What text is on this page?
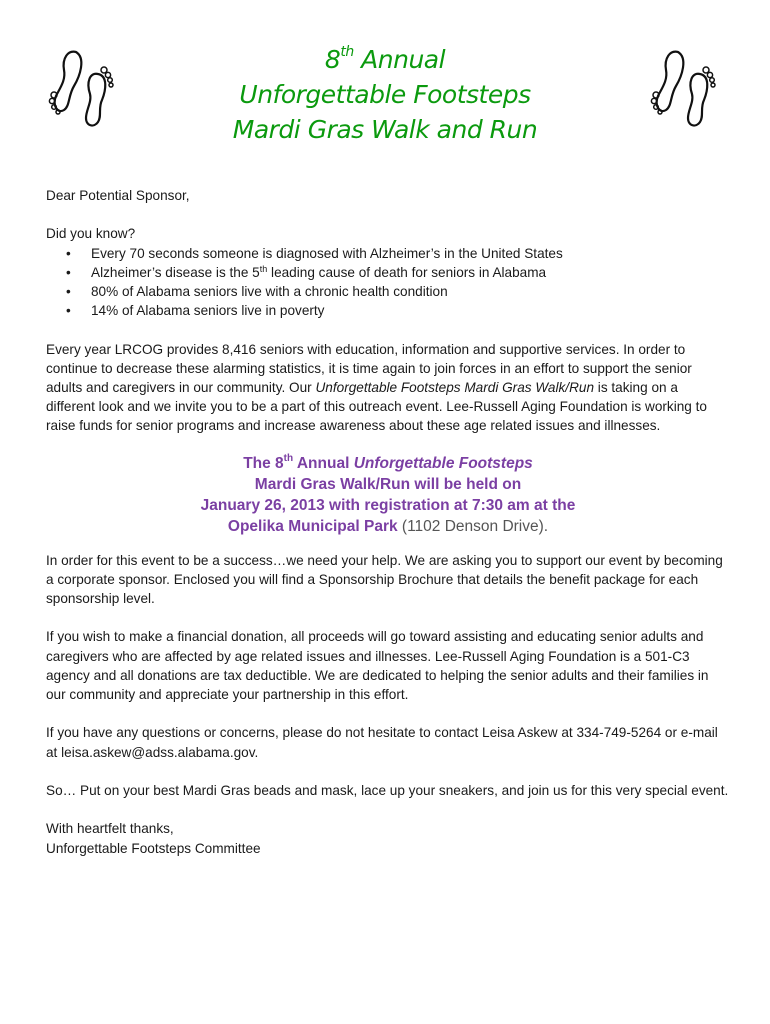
8th Annual
Unforgettable Footsteps
Mardi Gras Walk and Run

Dear Potential Sponsor,

Did you know?

• Every 70 seconds someone is diagnosed with Alzheimer’s in the United States
• Alzheimer’s disease is the 5th leading cause of death for seniors in Alabama
• 80% of Alabama seniors live with a chronic health condition
• 14% of Alabama seniors live in poverty

Every year LRCOG provides 8,416 seniors with education, information and supportive services. In order to continue to decrease these alarming statistics, it is time again to join forces in an effort to support the senior adults and caregivers in our community. Our Unforgettable Footsteps Mardi Gras Walk/Run is taking on a different look and we invite you to be a part of this outreach event. Lee-Russell Aging Foundation is working to raise funds for senior programs and increase awareness about these age related issues and illnesses.

The 8th Annual Unforgettable Footsteps
Mardi Gras Walk/Run will be held on
January 26, 2013 with registration at 7:30 am at the
Opelika Municipal Park (1102 Denson Drive).

In order for this event to be a success…we need your help. We are asking you to support our event by becoming a corporate sponsor. Enclosed you will find a Sponsorship Brochure that details the benefit package for each sponsorship level.

If you wish to make a financial donation, all proceeds will go toward assisting and educating senior adults and caregivers who are affected by age related issues and illnesses. Lee-Russell Aging Foundation is a 501-C3 agency and all donations are tax deductible. We are dedicated to helping the senior adults and their families in our community and appreciate your partnership in this effort.

If you have any questions or concerns, please do not hesitate to contact Leisa Askew at 334-749-5264 or e-mail at leisa.askew@adss.alabama.gov.

So… Put on your best Mardi Gras beads and mask, lace up your sneakers, and join us for this very special event.

With heartfelt thanks,

Unforgettable Footsteps Committee
